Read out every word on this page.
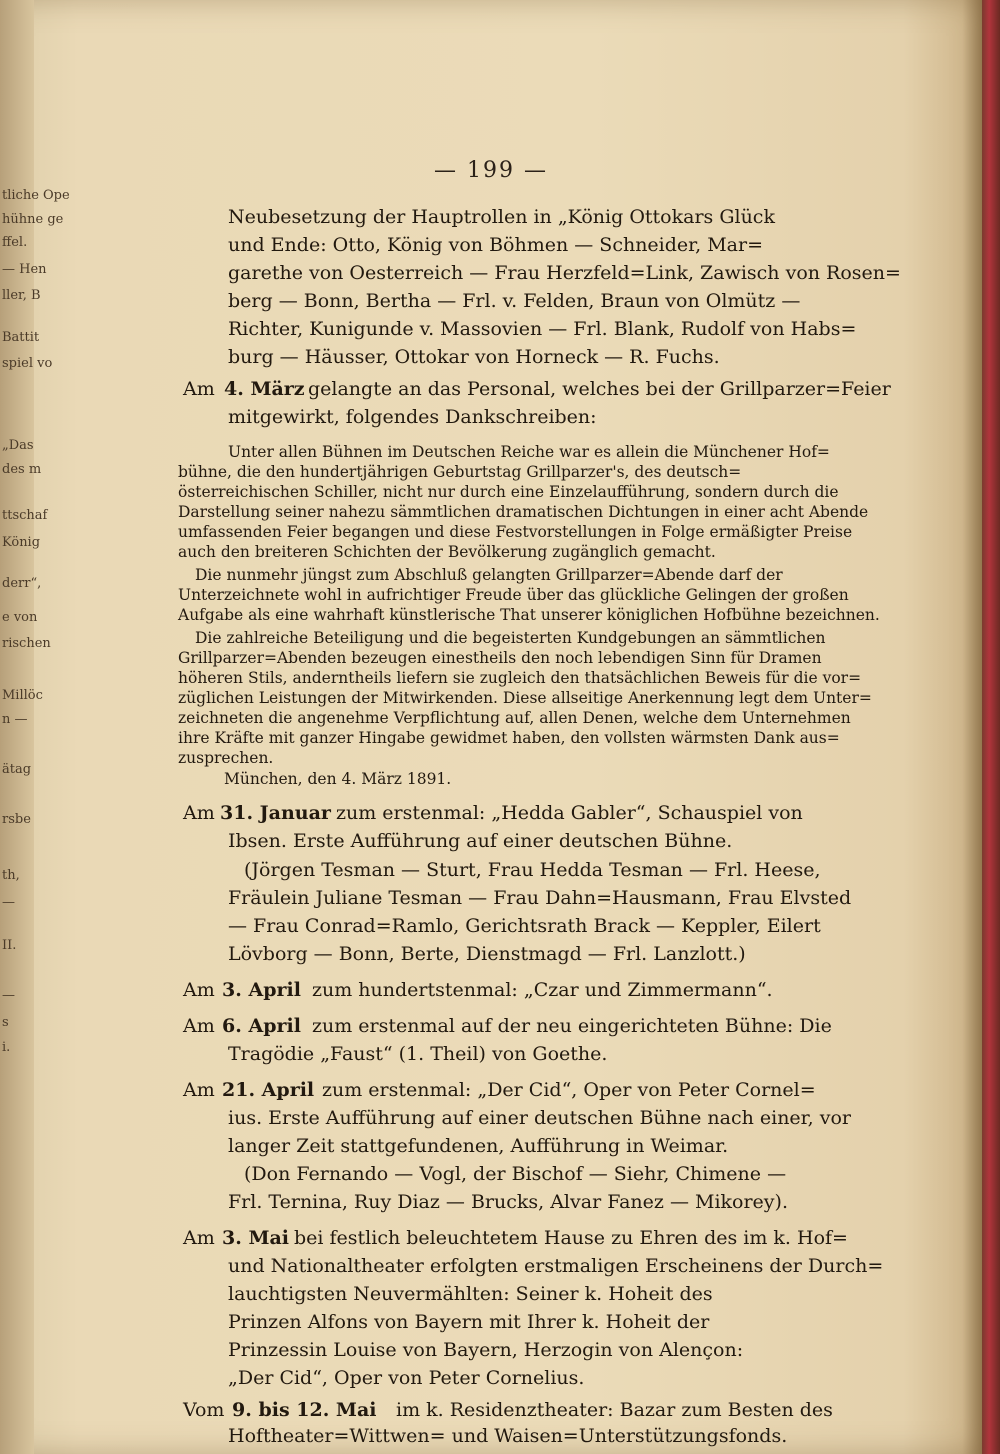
tliche Ope
hühne ge
ffel.
— Hen
ller, B
Battit
spiel vo
„Das
des m
ttschaf
König
derr“,
e von
rischen
Millöc
n —
ätag
rsbe
th,
—
II.
—
s
i.
— 199 —
Neubesetzung der Hauptrollen in „König Ottokars Glück
und Ende: Otto, König von Böhmen — Schneider, Mar=
garethe von Oesterreich — Frau Herzfeld=Link, Zawisch von Rosen=
berg — Bonn, Bertha — Frl. v. Felden, Braun von Olmütz —
Richter, Kunigunde v. Massovien — Frl. Blank, Rudolf von Habs=
burg — Häusser, Ottokar von Horneck — R. Fuchs.
Am 4. März gelangte an das Personal, welches bei der Grillparzer=Feier
mitgewirkt, folgendes Dankschreiben:
Unter allen Bühnen im Deutschen Reiche war es allein die Münchener Hof=
bühne, die den hundertjährigen Geburtstag Grillparzer's, des deutsch=
österreichischen Schiller, nicht nur durch eine Einzelaufführung, sondern durch die
Darstellung seiner nahezu sämmtlichen dramatischen Dichtungen in einer acht Abende
umfassenden Feier begangen und diese Festvorstellungen in Folge ermäßigter Preise
auch den breiteren Schichten der Bevölkerung zugänglich gemacht.
Die nunmehr jüngst zum Abschluß gelangten Grillparzer=Abende darf der
Unterzeichnete wohl in aufrichtiger Freude über das glückliche Gelingen der großen
Aufgabe als eine wahrhaft künstlerische That unserer königlichen Hofbühne bezeichnen.
Die zahlreiche Beteiligung und die begeisterten Kundgebungen an sämmtlichen
Grillparzer=Abenden bezeugen einestheils den noch lebendigen Sinn für Dramen
höheren Stils, anderntheils liefern sie zugleich den thatsächlichen Beweis für die vor=
züglichen Leistungen der Mitwirkenden. Diese allseitige Anerkennung legt dem Unter=
zeichneten die angenehme Verpflichtung auf, allen Denen, welche dem Unternehmen
ihre Kräfte mit ganzer Hingabe gewidmet haben, den vollsten wärmsten Dank aus=
zusprechen.
München, den 4. März 1891.
Am 31. Januar zum erstenmal: „Hedda Gabler“, Schauspiel von
Ibsen. Erste Aufführung auf einer deutschen Bühne.
(Jörgen Tesman — Sturt, Frau Hedda Tesman — Frl. Heese,
Fräulein Juliane Tesman — Frau Dahn=Hausmann, Frau Elvsted
— Frau Conrad=Ramlo, Gerichtsrath Brack — Keppler, Eilert
Lövborg — Bonn, Berte, Dienstmagd — Frl. Lanzlott.)
Am 3. April zum hundertstenmal: „Czar und Zimmermann“.
Am 6. April zum erstenmal auf der neu eingerichteten Bühne: Die
Tragödie „Faust“ (1. Theil) von Goethe.
Am 21. April zum erstenmal: „Der Cid“, Oper von Peter Cornel=
ius. Erste Aufführung auf einer deutschen Bühne nach einer, vor
langer Zeit stattgefundenen, Aufführung in Weimar.
(Don Fernando — Vogl, der Bischof — Siehr, Chimene —
Frl. Ternina, Ruy Diaz — Brucks, Alvar Fanez — Mikorey).
Am 3. Mai bei festlich beleuchtetem Hause zu Ehren des im k. Hof=
und Nationaltheater erfolgten erstmaligen Erscheinens der Durch=
lauchtigsten Neuvermählten: Seiner k. Hoheit des
Prinzen Alfons von Bayern mit Ihrer k. Hoheit der
Prinzessin Louise von Bayern, Herzogin von Alençon:
„Der Cid“, Oper von Peter Cornelius.
Vom 9. bis 12. Mai im k. Residenztheater: Bazar zum Besten des
Hoftheater=Wittwen= und Waisen=Unterstützungsfonds.
